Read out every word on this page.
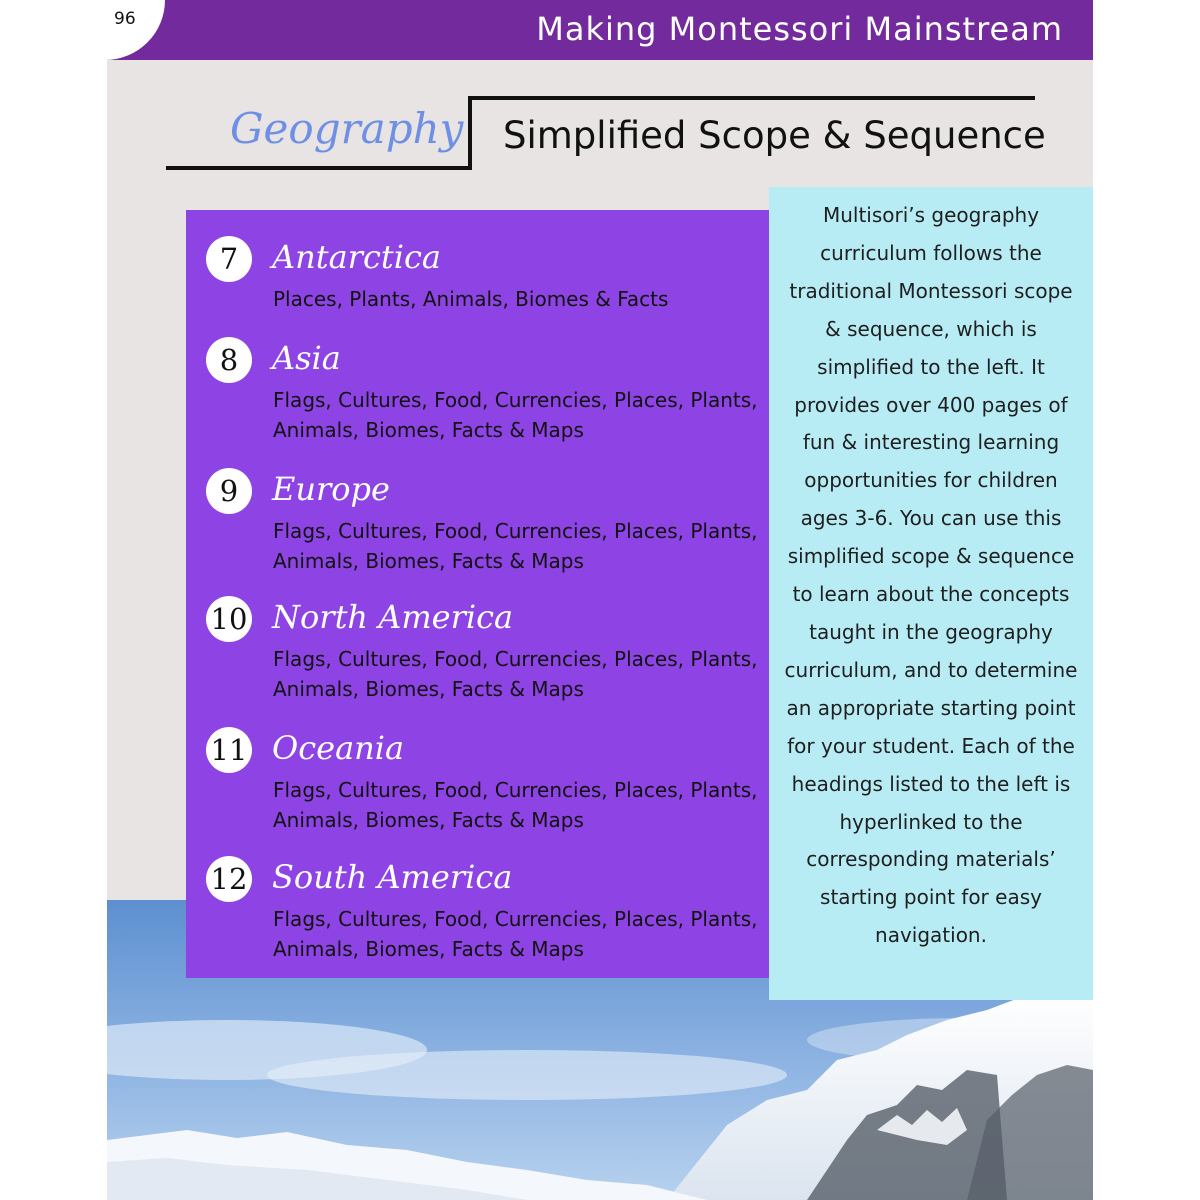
Making Montessori Mainstream
96
Geography Simplified Scope & Sequence
7	Antarctica
Places, Plants, Animals, Biomes & Facts
8	Asia
Flags, Cultures, Food, Currencies, Places, Plants, Animals, Biomes, Facts & Maps
9	Europe
Flags, Cultures, Food, Currencies, Places, Plants, Animals, Biomes, Facts & Maps
10 North America
Flags, Cultures, Food, Currencies, Places, Plants, Animals, Biomes, Facts & Maps
11 Oceania
Flags, Cultures, Food, Currencies, Places, Plants, Animals, Biomes, Facts & Maps
12 South America
Flags, Cultures, Food, Currencies, Places, Plants, Animals, Biomes, Facts & Maps
Multisori’s geography curriculum follows the traditional Montessori scope & sequence, which is simplified to the left. It provides over 400 pages of fun & interesting learning opportunities for children ages 3-6. You can use this simplified scope & sequence to learn about the concepts taught in the geography curriculum, and to determine an appropriate starting point for your student. Each of the headings listed to the left is hyperlinked to the corresponding materials’ starting point for easy navigation.
